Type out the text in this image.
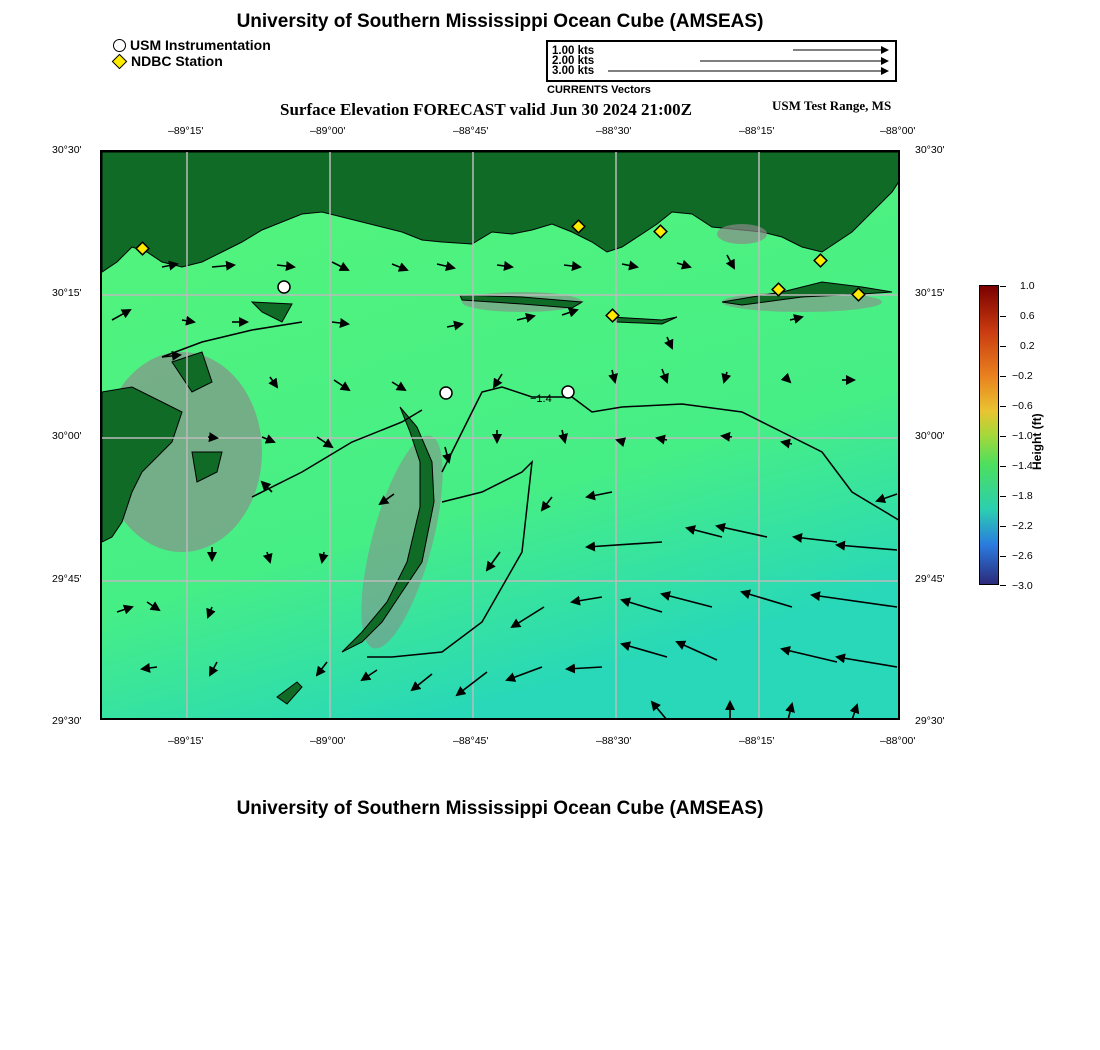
University of Southern Mississippi Ocean Cube (AMSEAS)
USM Instrumentation
NDBC Station
1.00 kts
2.00 kts
3.00 kts
CURRENTS Vectors
Surface Elevation FORECAST valid Jun 30 2024 21:00Z	USM Test Range, MS
–89°15'	–89°00'	–88°45'	–88°30'	–88°15'	–88°00'
–89°15'	–89°00'	–88°45'	–88°30'	–88°15'	–88°00'
30°30'
30°15'
30°00'
29°45'
29°30'
30°30'
30°15'
30°00'
29°45'
29°30'
−1.4
1.0
0.6
0.2
−0.2
−0.6
−1.0
−1.4
−1.8
−2.2
−2.6
−3.0
Height (ft)
University of Southern Mississippi Ocean Cube (AMSEAS)
